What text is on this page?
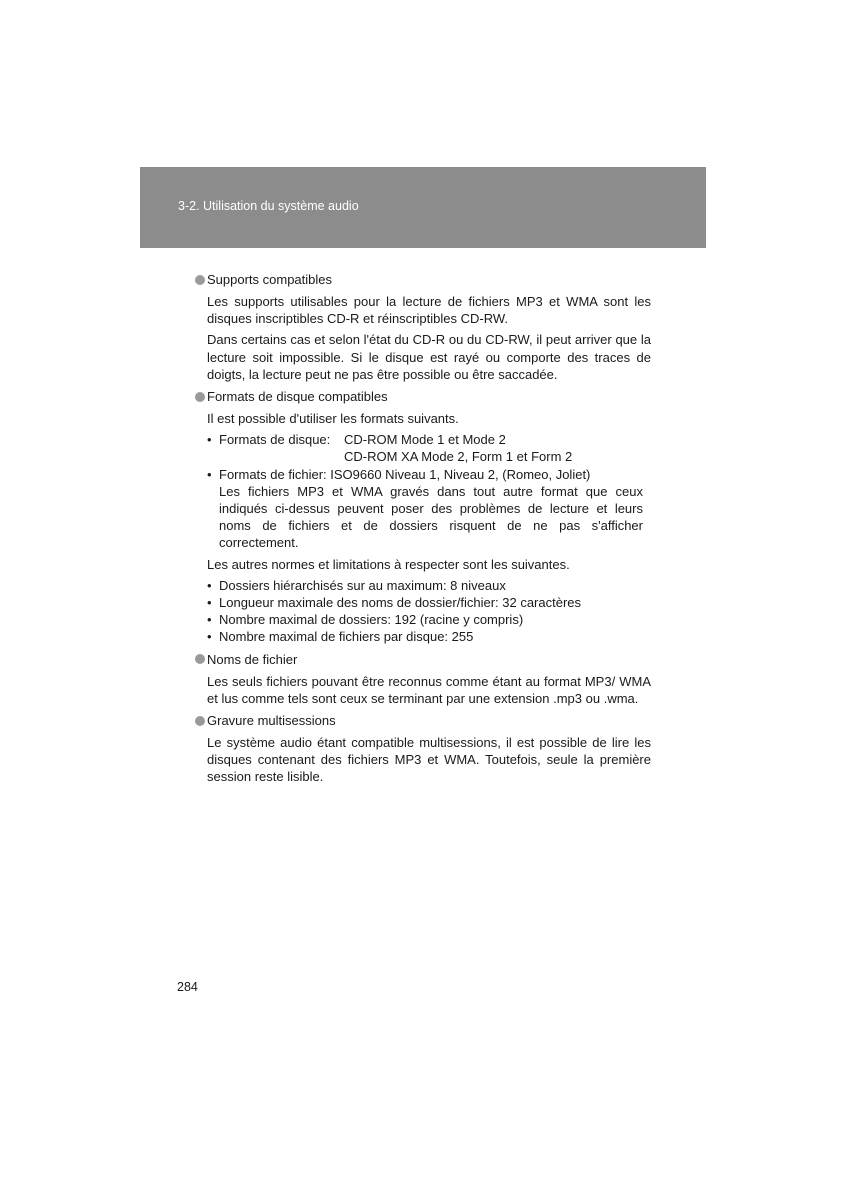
3-2. Utilisation du système audio
Supports compatibles

Les supports utilisables pour la lecture de fichiers MP3 et WMA sont les disques inscriptibles CD-R et réinscriptibles CD-RW.

Dans certains cas et selon l'état du CD-R ou du CD-RW, il peut arriver que la lecture soit impossible. Si le disque est rayé ou comporte des traces de doigts, la lecture peut ne pas être possible ou être saccadée.

Formats de disque compatibles

Il est possible d'utiliser les formats suivants.

• Formats de disque:	CD-ROM Mode 1 et Mode 2
CD-ROM XA Mode 2, Form 1 et Form 2
• Formats de fichier: ISO9660 Niveau 1, Niveau 2, (Romeo, Joliet)
Les fichiers MP3 et WMA gravés dans tout autre format que ceux indiqués ci-dessus peuvent poser des problèmes de lecture et leurs noms de fichiers et de dossiers risquent de ne pas s'afficher correctement.

Les autres normes et limitations à respecter sont les suivantes.

• Dossiers hiérarchisés sur au maximum: 8 niveaux
• Longueur maximale des noms de dossier/fichier: 32 caractères
• Nombre maximal de dossiers: 192 (racine y compris)
• Nombre maximal de fichiers par disque: 255
Noms de fichier

Les seuls fichiers pouvant être reconnus comme étant au format MP3/ WMA et lus comme tels sont ceux se terminant par une extension .mp3 ou .wma.

Gravure multisessions

Le système audio étant compatible multisessions, il est possible de lire les disques contenant des fichiers MP3 et WMA. Toutefois, seule la première session reste lisible.

284
